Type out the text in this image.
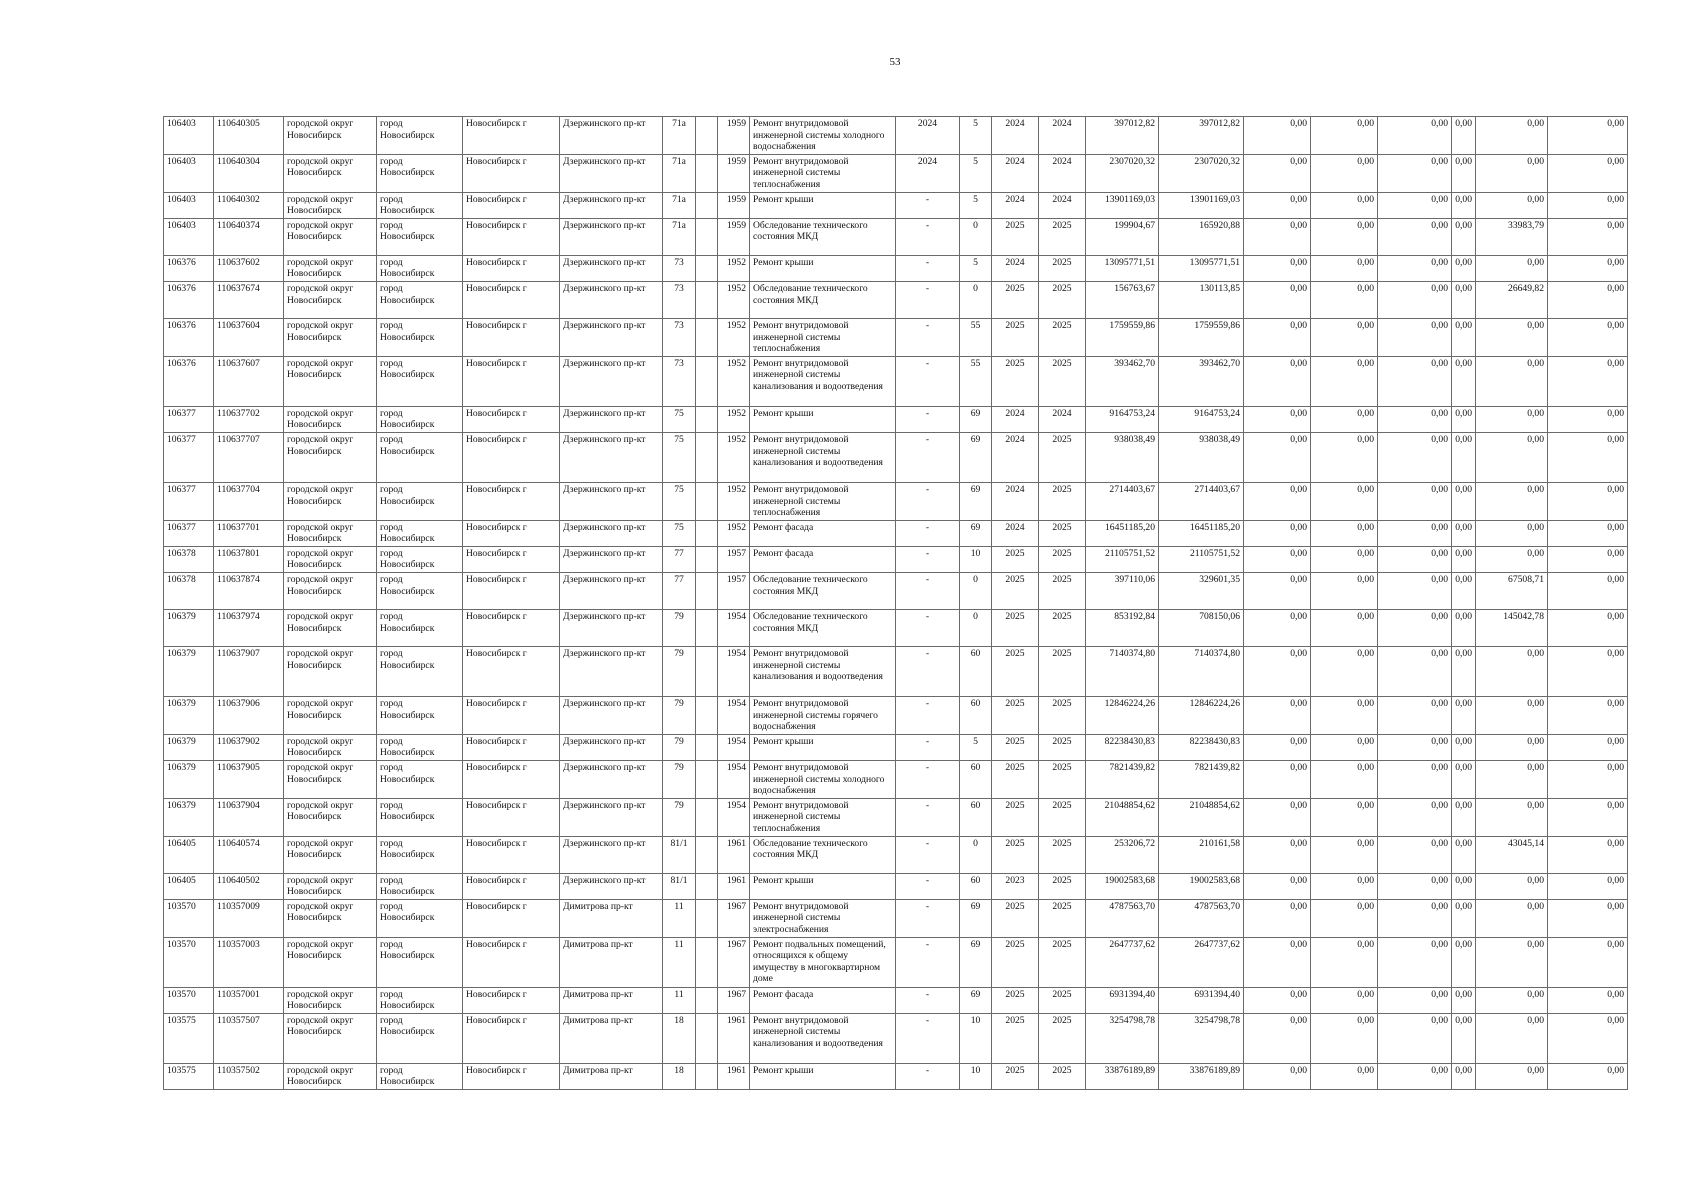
53
106403	110640305	городской округ Новосибирск	город Новосибирск	Новосибирск г	Дзержинского пр-кт	71а		1959	Ремонт внутридомовой инженерной системы холодного водоснабжения	2024	5	2024	2024	397012,82	397012,82	0,00	0,00	0,00	0,00	0,00	0,00
106403	110640304	городской округ Новосибирск	город Новосибирск	Новосибирск г	Дзержинского пр-кт	71а		1959	Ремонт внутридомовой инженерной системы теплоснабжения	2024	5	2024	2024	2307020,32	2307020,32	0,00	0,00	0,00	0,00	0,00	0,00
106403	110640302	городской округ Новосибирск	город Новосибирск	Новосибирск г	Дзержинского пр-кт	71а		1959	Ремонт крыши	-	5	2024	2024	13901169,03	13901169,03	0,00	0,00	0,00	0,00	0,00	0,00
106403	110640374	городской округ Новосибирск	город Новосибирск	Новосибирск г	Дзержинского пр-кт	71а		1959	Обследование технического состояния МКД	-	0	2025	2025	199904,67	165920,88	0,00	0,00	0,00	0,00	33983,79	0,00
106376	110637602	городской округ Новосибирск	город Новосибирск	Новосибирск г	Дзержинского пр-кт	73		1952	Ремонт крыши	-	5	2024	2025	13095771,51	13095771,51	0,00	0,00	0,00	0,00	0,00	0,00
106376	110637674	городской округ Новосибирск	город Новосибирск	Новосибирск г	Дзержинского пр-кт	73		1952	Обследование технического состояния МКД	-	0	2025	2025	156763,67	130113,85	0,00	0,00	0,00	0,00	26649,82	0,00
106376	110637604	городской округ Новосибирск	город Новосибирск	Новосибирск г	Дзержинского пр-кт	73		1952	Ремонт внутридомовой инженерной системы теплоснабжения	-	55	2025	2025	1759559,86	1759559,86	0,00	0,00	0,00	0,00	0,00	0,00
106376	110637607	городской округ Новосибирск	город Новосибирск	Новосибирск г	Дзержинского пр-кт	73		1952	Ремонт внутридомовой инженерной системы канализования и водоотведения	-	55	2025	2025	393462,70	393462,70	0,00	0,00	0,00	0,00	0,00	0,00
106377	110637702	городской округ Новосибирск	город Новосибирск	Новосибирск г	Дзержинского пр-кт	75		1952	Ремонт крыши	-	69	2024	2024	9164753,24	9164753,24	0,00	0,00	0,00	0,00	0,00	0,00
106377	110637707	городской округ Новосибирск	город Новосибирск	Новосибирск г	Дзержинского пр-кт	75		1952	Ремонт внутридомовой инженерной системы канализования и водоотведения	-	69	2024	2025	938038,49	938038,49	0,00	0,00	0,00	0,00	0,00	0,00
106377	110637704	городской округ Новосибирск	город Новосибирск	Новосибирск г	Дзержинского пр-кт	75		1952	Ремонт внутридомовой инженерной системы теплоснабжения	-	69	2024	2025	2714403,67	2714403,67	0,00	0,00	0,00	0,00	0,00	0,00
106377	110637701	городской округ Новосибирск	город Новосибирск	Новосибирск г	Дзержинского пр-кт	75		1952	Ремонт фасада	-	69	2024	2025	16451185,20	16451185,20	0,00	0,00	0,00	0,00	0,00	0,00
106378	110637801	городской округ Новосибирск	город Новосибирск	Новосибирск г	Дзержинского пр-кт	77		1957	Ремонт фасада	-	10	2025	2025	21105751,52	21105751,52	0,00	0,00	0,00	0,00	0,00	0,00
106378	110637874	городской округ Новосибирск	город Новосибирск	Новосибирск г	Дзержинского пр-кт	77		1957	Обследование технического состояния МКД	-	0	2025	2025	397110,06	329601,35	0,00	0,00	0,00	0,00	67508,71	0,00
106379	110637974	городской округ Новосибирск	город Новосибирск	Новосибирск г	Дзержинского пр-кт	79		1954	Обследование технического состояния МКД	-	0	2025	2025	853192,84	708150,06	0,00	0,00	0,00	0,00	145042,78	0,00
106379	110637907	городской округ Новосибирск	город Новосибирск	Новосибирск г	Дзержинского пр-кт	79		1954	Ремонт внутридомовой инженерной системы канализования и водоотведения	-	60	2025	2025	7140374,80	7140374,80	0,00	0,00	0,00	0,00	0,00	0,00
106379	110637906	городской округ Новосибирск	город Новосибирск	Новосибирск г	Дзержинского пр-кт	79		1954	Ремонт внутридомовой инженерной системы горячего водоснабжения	-	60	2025	2025	12846224,26	12846224,26	0,00	0,00	0,00	0,00	0,00	0,00
106379	110637902	городской округ Новосибирск	город Новосибирск	Новосибирск г	Дзержинского пр-кт	79		1954	Ремонт крыши	-	5	2025	2025	82238430,83	82238430,83	0,00	0,00	0,00	0,00	0,00	0,00
106379	110637905	городской округ Новосибирск	город Новосибирск	Новосибирск г	Дзержинского пр-кт	79		1954	Ремонт внутридомовой инженерной системы холодного водоснабжения	-	60	2025	2025	7821439,82	7821439,82	0,00	0,00	0,00	0,00	0,00	0,00
106379	110637904	городской округ Новосибирск	город Новосибирск	Новосибирск г	Дзержинского пр-кт	79		1954	Ремонт внутридомовой инженерной системы теплоснабжения	-	60	2025	2025	21048854,62	21048854,62	0,00	0,00	0,00	0,00	0,00	0,00
106405	110640574	городской округ Новосибирск	город Новосибирск	Новосибирск г	Дзержинского пр-кт	81/1		1961	Обследование технического состояния МКД	-	0	2025	2025	253206,72	210161,58	0,00	0,00	0,00	0,00	43045,14	0,00
106405	110640502	городской округ Новосибирск	город Новосибирск	Новосибирск г	Дзержинского пр-кт	81/1		1961	Ремонт крыши	-	60	2023	2025	19002583,68	19002583,68	0,00	0,00	0,00	0,00	0,00	0,00
103570	110357009	городской округ Новосибирск	город Новосибирск	Новосибирск г	Димитрова пр-кт	11		1967	Ремонт внутридомовой инженерной системы электроснабжения	-	69	2025	2025	4787563,70	4787563,70	0,00	0,00	0,00	0,00	0,00	0,00
103570	110357003	городской округ Новосибирск	город Новосибирск	Новосибирск г	Димитрова пр-кт	11		1967	Ремонт подвальных помещений, относящихся к общему имуществу в многоквартирном доме	-	69	2025	2025	2647737,62	2647737,62	0,00	0,00	0,00	0,00	0,00	0,00
103570	110357001	городской округ Новосибирск	город Новосибирск	Новосибирск г	Димитрова пр-кт	11		1967	Ремонт фасада	-	69	2025	2025	6931394,40	6931394,40	0,00	0,00	0,00	0,00	0,00	0,00
103575	110357507	городской округ Новосибирск	город Новосибирск	Новосибирск г	Димитрова пр-кт	18		1961	Ремонт внутридомовой инженерной системы канализования и водоотведения	-	10	2025	2025	3254798,78	3254798,78	0,00	0,00	0,00	0,00	0,00	0,00
103575	110357502	городской округ Новосибирск	город Новосибирск	Новосибирск г	Димитрова пр-кт	18		1961	Ремонт крыши	-	10	2025	2025	33876189,89	33876189,89	0,00	0,00	0,00	0,00	0,00	0,00
